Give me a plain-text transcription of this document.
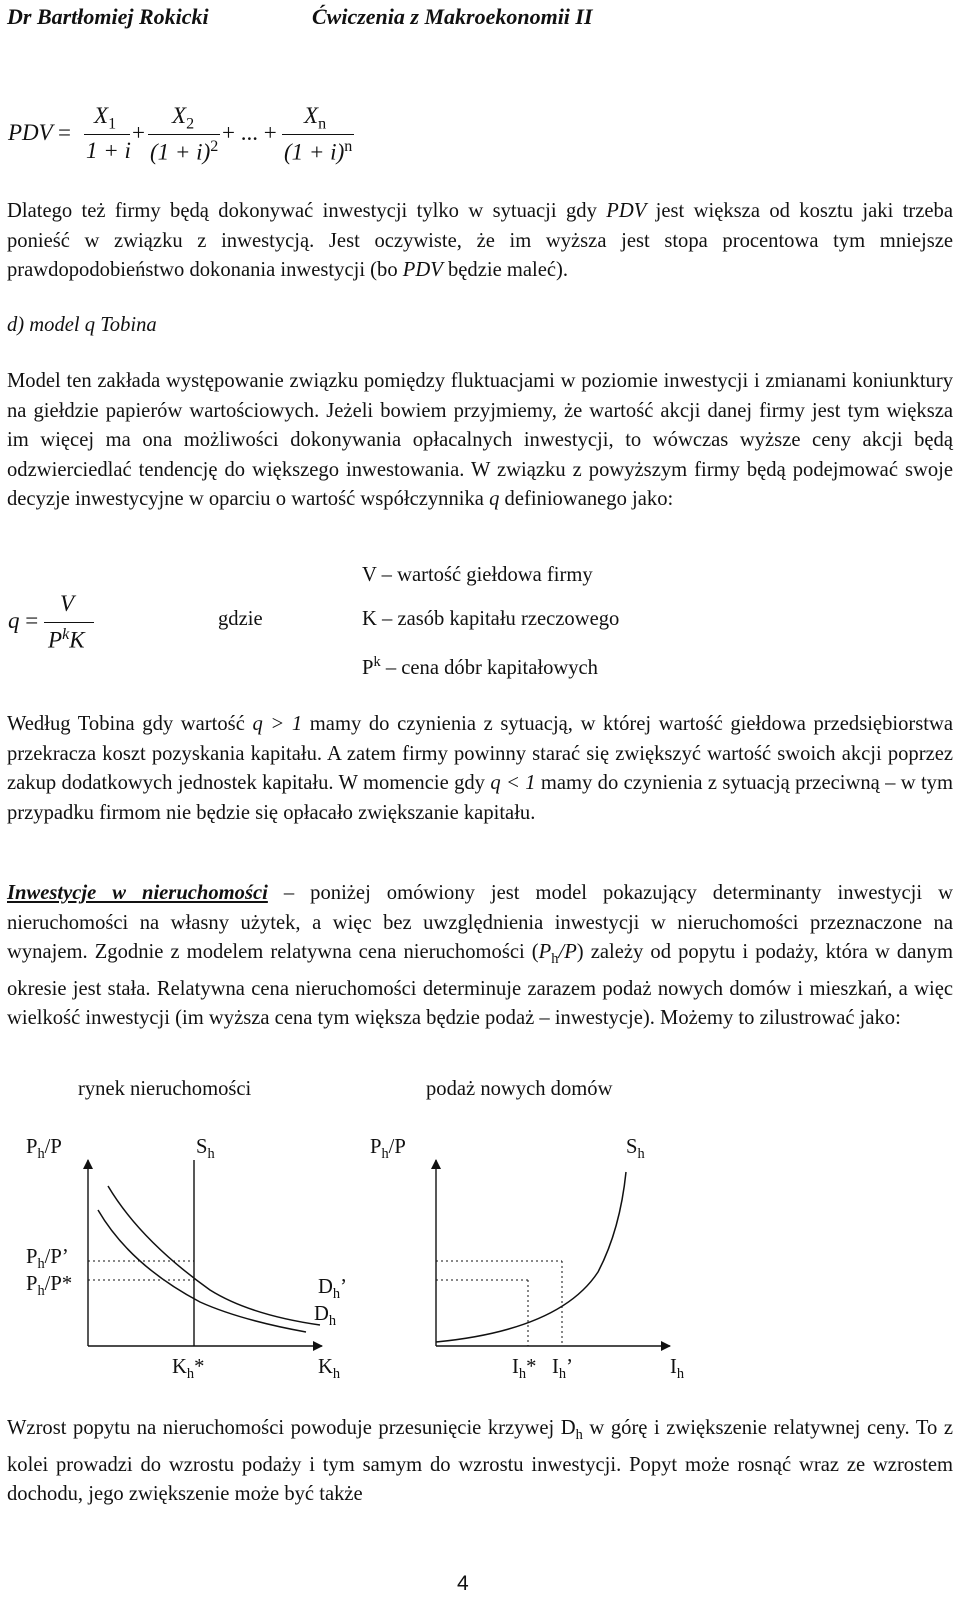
Dr Bartłomiej Rokicki	Ćwiczenia z Makroekonomii II
PDV =
$X_1$
1 + i
+
$X_2$
$(1 + i)^2$
+ ... +
$X_n$
$(1 + i)^n$
Dlatego też firmy będą dokonywać inwestycji tylko w sytuacji gdy PDV jest większa od kosztu jaki trzeba ponieść w związku z inwestycją. Jest oczywiste, że im wyższa jest stopa procentowa tym mniejsze prawdopodobieństwo dokonania inwestycji (bo PDV będzie maleć).
d) model q Tobina
Model ten zakłada występowanie związku pomiędzy fluktuacjami w poziomie inwestycji i zmianami koniunktury na giełdzie papierów wartościowych. Jeżeli bowiem przyjmiemy, że wartość akcji danej firmy jest tym większa im więcej ma ona możliwości dokonywania opłacalnych inwestycji, to wówczas wyższe ceny akcji będą odzwierciedlać tendencję do większego inwestowania. W związku z powyższym firmy będą podejmować swoje decyzje inwestycyjne w oparciu o wartość współczynnika q definiowanego jako:
q =
V
$P^kK$
gdzie
V – wartość giełdowa firmy
K – zasób kapitału rzeczowego
$P^k$ – cena dóbr kapitałowych
Według Tobina gdy wartość q > 1 mamy do czynienia z sytuacją, w której wartość giełdowa przedsiębiorstwa przekracza koszt pozyskania kapitału. A zatem firmy powinny starać się zwiększyć wartość swoich akcji poprzez zakup dodatkowych jednostek kapitału. W momencie gdy q < 1 mamy do czynienia z sytuacją przeciwną – w tym przypadku firmom nie będzie się opłacało zwiększanie kapitału.
Inwestycje w nieruchomości – poniżej omówiony jest model pokazujący determinanty inwestycji w nieruchomości na własny użytek, a więc bez uwzględnienia inwestycji w nieruchomości przeznaczone na wynajem. Zgodnie z modelem relatywna cena nieruchomości $(P_h/P)$ zależy od popytu i podaży, która w danym okresie jest stała. Relatywna cena nieruchomości determinuje zarazem podaż nowych domów i mieszkań, a więc wielkość inwestycji (im wyższa cena tym większa będzie podaż – inwestycje). Możemy to zilustrować jako:
rynek nieruchomości	podaż nowych domów
$P_h/P$	$S_h$
$P_h/P$’
$P_h/P*$	$D_h$’
$D_h$
$K_h*$	$K_h$
$P_h/P$	$S_h$
$I_h*$ $I_h$’	$I_h$
Wzrost popytu na nieruchomości powoduje przesunięcie krzywej $D_h$ w górę i zwiększenie relatywnej ceny. To z kolei prowadzi do wzrostu podaży i tym samym do wzrostu inwestycji. Popyt może rosnąć wraz ze wzrostem dochodu, jego zwiększenie może być także
4
